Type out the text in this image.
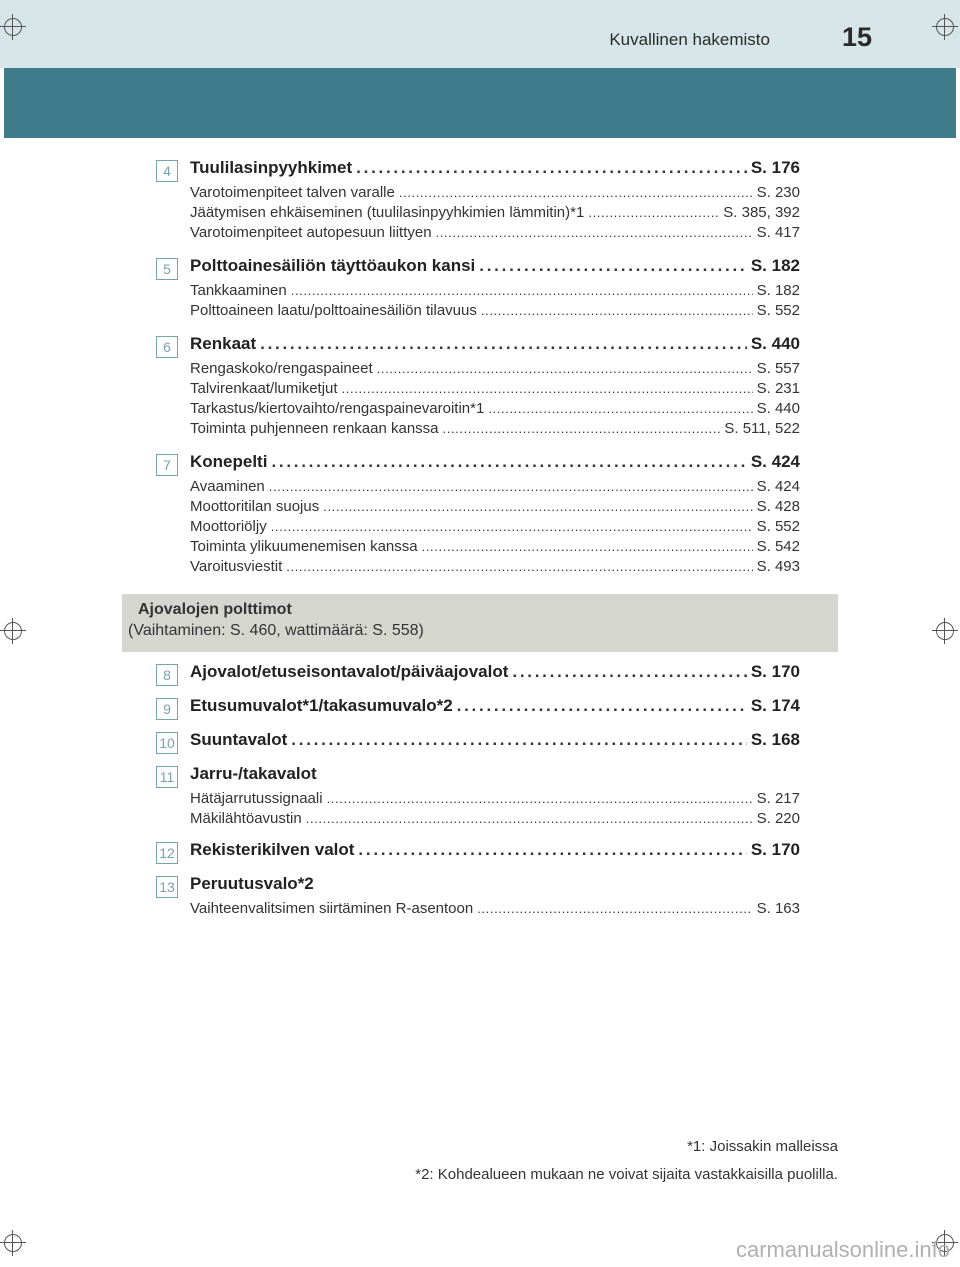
Kuvallinen hakemisto	15
4	Tuulilasinpyyhkimet . . .	S. 176
Varotoimenpiteet talven varalle . . .	S. 230
Jäätymisen ehkäiseminen (tuulilasinpyyhkimien lämmitin)*1 . . .	S. 385, 392
Varotoimenpiteet autopesuun liittyen . . .	S. 417
5	Polttoainesäiliön täyttöaukon kansi . . .	S. 182
Tankkaaminen . . .	S. 182
Polttoaineen laatu/polttoainesäiliön tilavuus . . .	S. 552
6	Renkaat . . .	S. 440
Rengaskoko/rengaspaineet . . .	S. 557
Talvirenkaat/lumiketjut . . .	S. 231
Tarkastus/kiertovaihto/rengaspainevaroitin*1 . . .	S. 440
Toiminta puhjenneen renkaan kanssa . . .	S. 511, 522
7	Konepelti . . .	S. 424
Avaaminen . . .	S. 424
Moottoritilan suojus . . .	S. 428
Moottoriöljy . . .	S. 552
Toiminta ylikuumenemisen kanssa . . .	S. 542
Varoitusviestit . . .	S. 493
Ajovalojen polttimot
(Vaihtaminen: S. 460, wattimäärä: S. 558)
8	Ajovalot/etuseisontavalot/päiväajovalot . . .	S. 170
9	Etusumuvalot*1/takasumuvalo*2 . . .	S. 174
10 Suuntavalot . . .	S. 168
11 Jarru-/takavalot
Hätäjarrutussignaali . . .	S. 217
Mäkilähtöavustin . . .	S. 220
12 Rekisterikilven valot . . .	S. 170
13 Peruutusvalo*2
Vaihteenvalitsimen siirtäminen R-asentoon . . .	S. 163
*1: Joissakin malleissa
*2: Kohdealueen mukaan ne voivat sijaita vastakkaisilla puolilla.
carmanualsonline.info
